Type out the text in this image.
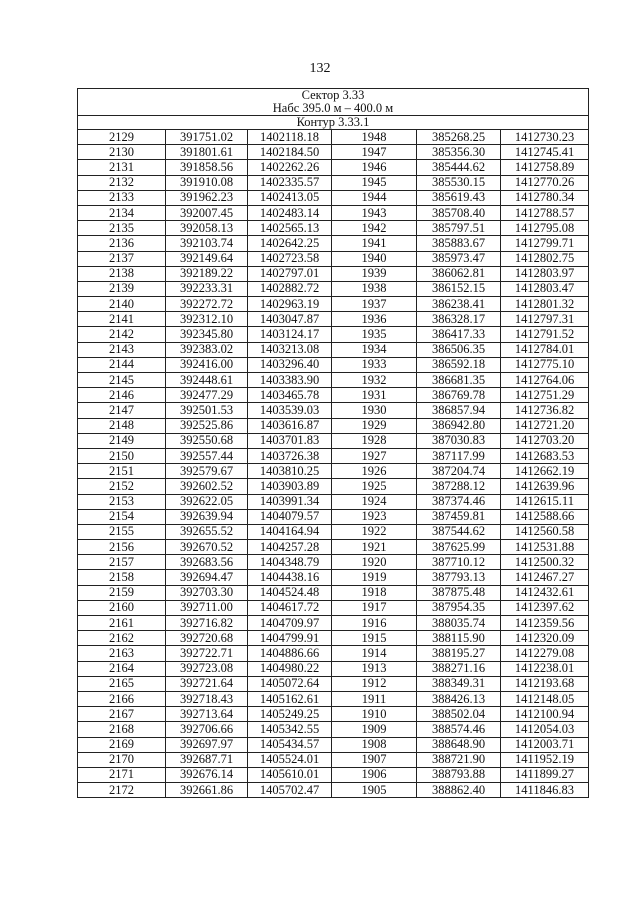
132
Сектор 3.33					
Набс 395.0 м – 400.0 м					
Контур 3.33.1					
2129	391751.02	1402118.18	1948	385268.25	1412730.23
2130	391801.61	1402184.50	1947	385356.30	1412745.41
2131	391858.56	1402262.26	1946	385444.62	1412758.89
2132	391910.08	1402335.57	1945	385530.15	1412770.26
2133	391962.23	1402413.05	1944	385619.43	1412780.34
2134	392007.45	1402483.14	1943	385708.40	1412788.57
2135	392058.13	1402565.13	1942	385797.51	1412795.08
2136	392103.74	1402642.25	1941	385883.67	1412799.71
2137	392149.64	1402723.58	1940	385973.47	1412802.75
2138	392189.22	1402797.01	1939	386062.81	1412803.97
2139	392233.31	1402882.72	1938	386152.15	1412803.47
2140	392272.72	1402963.19	1937	386238.41	1412801.32
2141	392312.10	1403047.87	1936	386328.17	1412797.31
2142	392345.80	1403124.17	1935	386417.33	1412791.52
2143	392383.02	1403213.08	1934	386506.35	1412784.01
2144	392416.00	1403296.40	1933	386592.18	1412775.10
2145	392448.61	1403383.90	1932	386681.35	1412764.06
2146	392477.29	1403465.78	1931	386769.78	1412751.29
2147	392501.53	1403539.03	1930	386857.94	1412736.82
2148	392525.86	1403616.87	1929	386942.80	1412721.20
2149	392550.68	1403701.83	1928	387030.83	1412703.20
2150	392557.44	1403726.38	1927	387117.99	1412683.53
2151	392579.67	1403810.25	1926	387204.74	1412662.19
2152	392602.52	1403903.89	1925	387288.12	1412639.96
2153	392622.05	1403991.34	1924	387374.46	1412615.11
2154	392639.94	1404079.57	1923	387459.81	1412588.66
2155	392655.52	1404164.94	1922	387544.62	1412560.58
2156	392670.52	1404257.28	1921	387625.99	1412531.88
2157	392683.56	1404348.79	1920	387710.12	1412500.32
2158	392694.47	1404438.16	1919	387793.13	1412467.27
2159	392703.30	1404524.48	1918	387875.48	1412432.61
2160	392711.00	1404617.72	1917	387954.35	1412397.62
2161	392716.82	1404709.97	1916	388035.74	1412359.56
2162	392720.68	1404799.91	1915	388115.90	1412320.09
2163	392722.71	1404886.66	1914	388195.27	1412279.08
2164	392723.08	1404980.22	1913	388271.16	1412238.01
2165	392721.64	1405072.64	1912	388349.31	1412193.68
2166	392718.43	1405162.61	1911	388426.13	1412148.05
2167	392713.64	1405249.25	1910	388502.04	1412100.94
2168	392706.66	1405342.55	1909	388574.46	1412054.03
2169	392697.97	1405434.57	1908	388648.90	1412003.71
2170	392687.71	1405524.01	1907	388721.90	1411952.19
2171	392676.14	1405610.01	1906	388793.88	1411899.27
2172	392661.86	1405702.47	1905	388862.40	1411846.83
